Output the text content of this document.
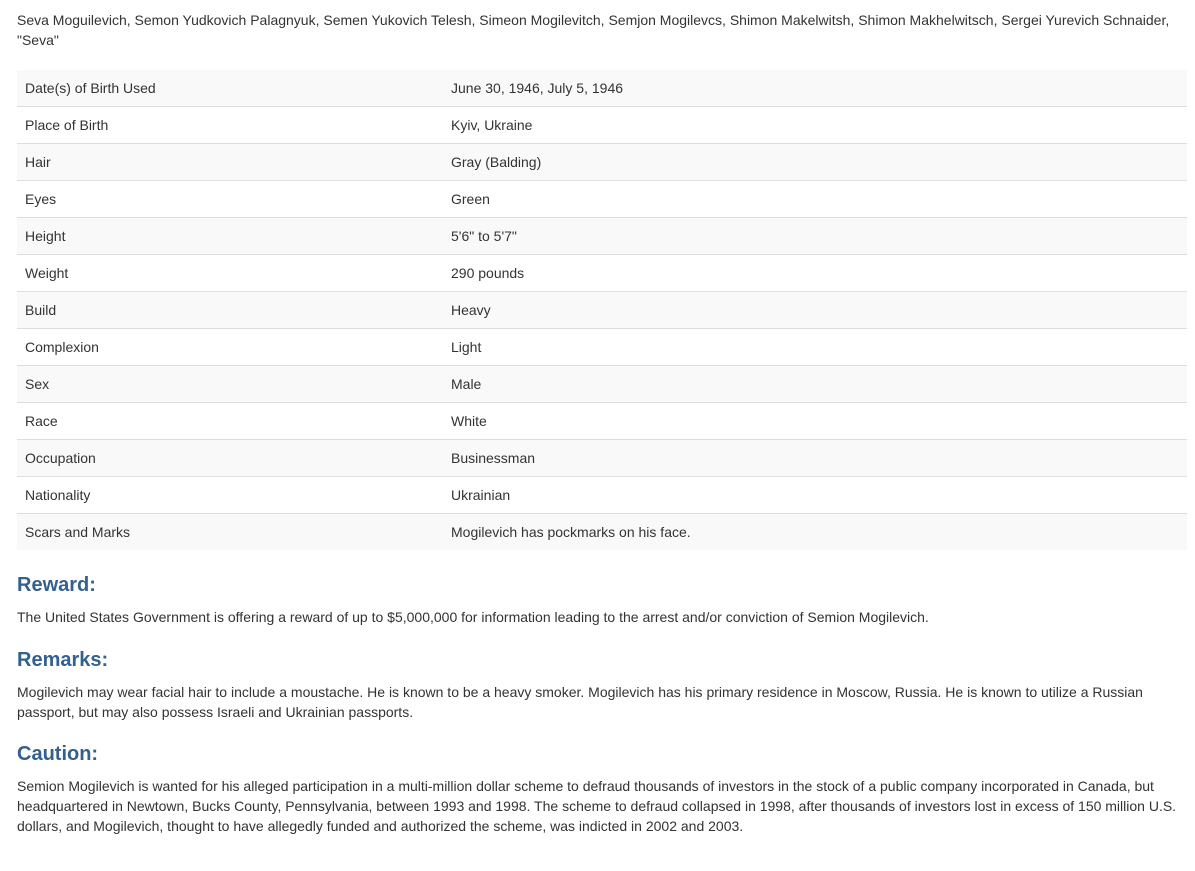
Seva Moguilevich, Semon Yudkovich Palagnyuk, Semen Yukovich Telesh, Simeon Mogilevitch, Semjon Mogilevcs, Shimon Makelwitsh, Shimon Makhelwitsch, Sergei Yurevich Schnaider, "Seva"

Date(s) of Birth Used	June 30, 1946, July 5, 1946
Place of Birth	Kyiv, Ukraine
Hair	Gray (Balding)
Eyes	Green
Height	5'6" to 5'7"
Weight	290 pounds
Build	Heavy
Complexion	Light
Sex	Male
Race	White
Occupation	Businessman
Nationality	Ukrainian
Scars and Marks	Mogilevich has pockmarks on his face.
Reward:

The United States Government is offering a reward of up to $5,000,000 for information leading to the arrest and/or conviction of Semion Mogilevich.

Remarks:

Mogilevich may wear facial hair to include a moustache. He is known to be a heavy smoker. Mogilevich has his primary residence in Moscow, Russia. He is known to utilize a Russian passport, but may also possess Israeli and Ukrainian passports.

Caution:

Semion Mogilevich is wanted for his alleged participation in a multi-million dollar scheme to defraud thousands of investors in the stock of a public company incorporated in Canada, but headquartered in Newtown, Bucks County, Pennsylvania, between 1993 and 1998. The scheme to defraud collapsed in 1998, after thousands of investors lost in excess of 150 million U.S. dollars, and Mogilevich, thought to have allegedly funded and authorized the scheme, was indicted in 2002 and 2003.
